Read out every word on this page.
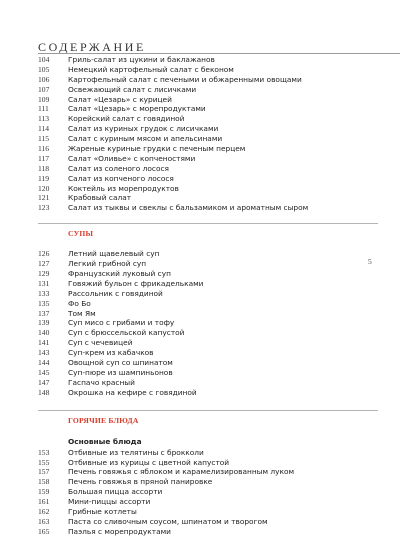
СОДЕРЖАНИЕ
104	Гриль-салат из цукини и баклажанов
105	Немецкий картофельный салат с беконом
106	Картофельный салат с печеными и обжаренными овощами
107	Освежающий салат с лисичками
109	Салат «Цезарь» с курицей
111	Салат «Цезарь» с морепродуктами
113	Корейский салат с говядиной
114	Салат из куриных грудок с лисичками
115	Салат с куриным мясом и апельсинами
116	Жареные куриные грудки с печеным перцем
117	Салат «Оливье» с копченостями
118	Салат из соленого лосося
119	Салат из копченого лосося
120	Коктейль из морепродуктов
121	Крабовый салат
123	Салат из тыквы и свеклы с бальзамиком и ароматным сыром
СУПЫ
126	Летний щавелевый суп
127	Легкий грибной суп
129	Французский луковый суп
131	Говяжий бульон с фрикадельками
133	Рассольник с говядиной
135	Фо Бо
137	Том Ям
139	Суп мисо с грибами и тофу
140	Суп с брюссельской капустой
141	Суп с чечевицей
143	Суп-крем из кабачков
144	Овощной суп со шпинатом
145	Суп-пюре из шампиньонов
147	Гаспачо красный
148	Окрошка на кефире с говядиной
ГОРЯЧИЕ БЛЮДА
Основные блюда
153	Отбивные из телятины с брокколи
155	Отбивные из курицы с цветной капустой
157	Печень говяжья с яблоком и карамелизированным луком
158	Печень говяжья в пряной панировке
159	Большая пицца ассорти
161	Мини-пиццы ассорти
162	Грибные котлеты
163	Паста со сливочным соусом, шпинатом и творогом
165	Паэлья с морепродуктами
5
